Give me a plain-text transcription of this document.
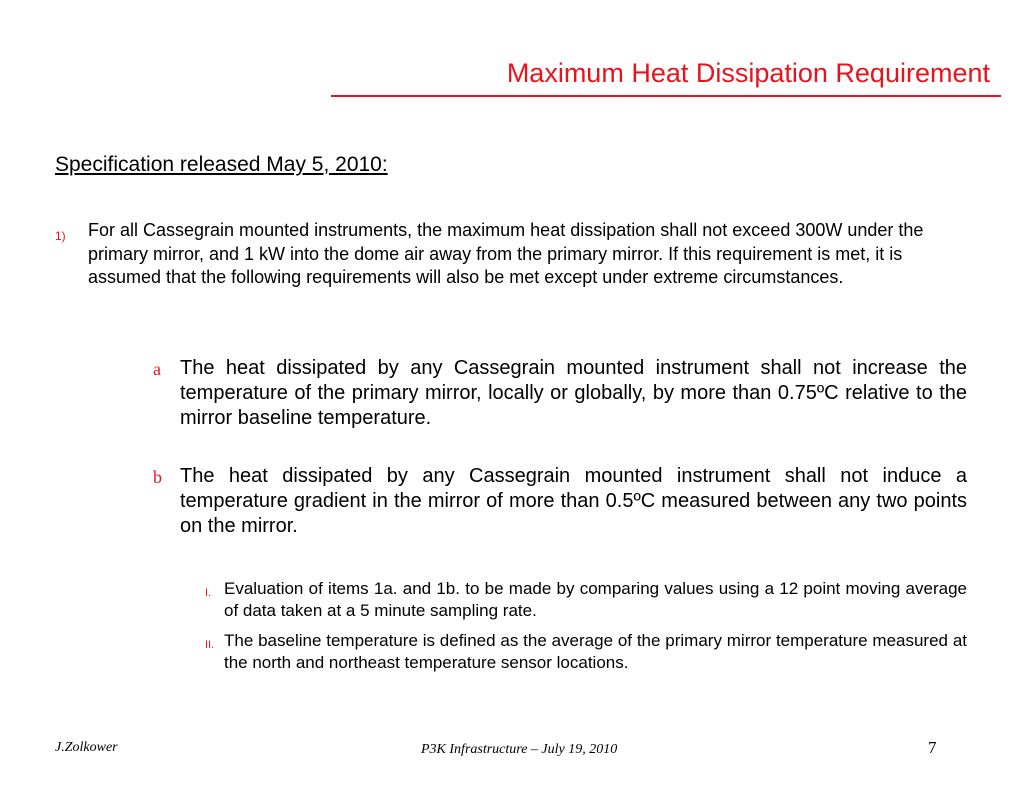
Maximum Heat Dissipation Requirement
Specification released May 5, 2010:
1) For all Cassegrain mounted instruments, the maximum heat dissipation shall not exceed 300W under the primary mirror, and 1 kW into the dome air away from the primary mirror. If this requirement is met, it is assumed that the following requirements will also be met except under extreme circumstances.
a The heat dissipated by any Cassegrain mounted instrument shall not increase the temperature of the primary mirror, locally or globally, by more than 0.75ºC relative to the mirror baseline temperature.
b The heat dissipated by any Cassegrain mounted instrument shall not induce a temperature gradient in the mirror of more than 0.5ºC measured between any two points on the mirror.
I. Evaluation of items 1a. and 1b. to be made by comparing values using a 12 point moving average of data taken at a 5 minute sampling rate.
II. The baseline temperature is defined as the average of the primary mirror temperature measured at the north and northeast temperature sensor locations.
J.Zolkower	P3K Infrastructure – July 19, 2010	7
